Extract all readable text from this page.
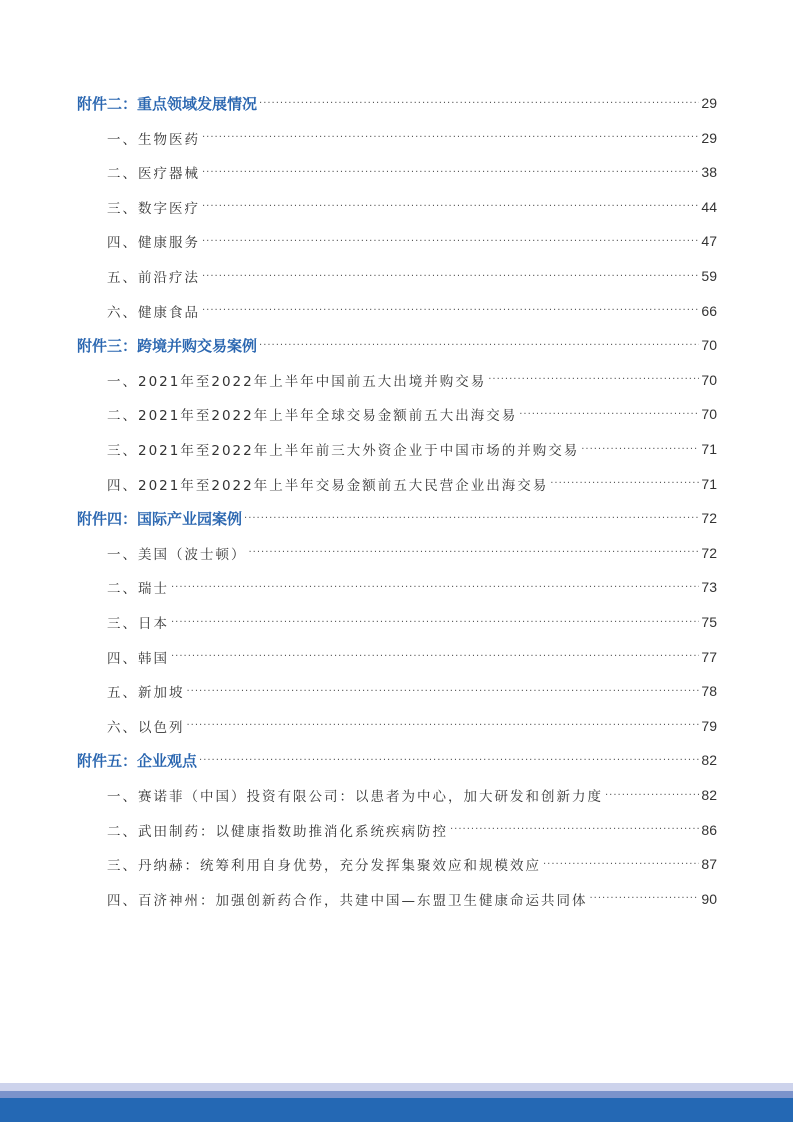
附件二：重点领域发展情况 ·····	29
一、生物医药 ·····	29
二、医疗器械 ·····	38
三、数字医疗 ·····	44
四、健康服务 ·····	47
五、前沿疗法 ·····	59
六、健康食品 ·····	66
附件三：跨境并购交易案例 ·····	70
一、2021年至2022年上半年中国前五大出境并购交易 ·····	70
二、2021年至2022年上半年全球交易金额前五大出海交易 ·····	70
三、2021年至2022年上半年前三大外资企业于中国市场的并购交易 ·····	71
四、2021年至2022年上半年交易金额前五大民营企业出海交易 ·····	71
附件四：国际产业园案例 ·····	72
一、美国（波士顿） ·····	72
二、瑞士 ·····	73
三、日本 ·····	75
四、韩国 ·····	77
五、新加坡 ·····	78
六、以色列 ·····	79
附件五：企业观点 ·····	82
一、赛诺菲（中国）投资有限公司：以患者为中心，加大研发和创新力度 ·····	82
二、武田制药：以健康指数助推消化系统疾病防控 ·····	86
三、丹纳赫：统筹利用自身优势，充分发挥集聚效应和规模效应 ·····	87
四、百济神州：加强创新药合作，共建中国—东盟卫生健康命运共同体 ·····	90
